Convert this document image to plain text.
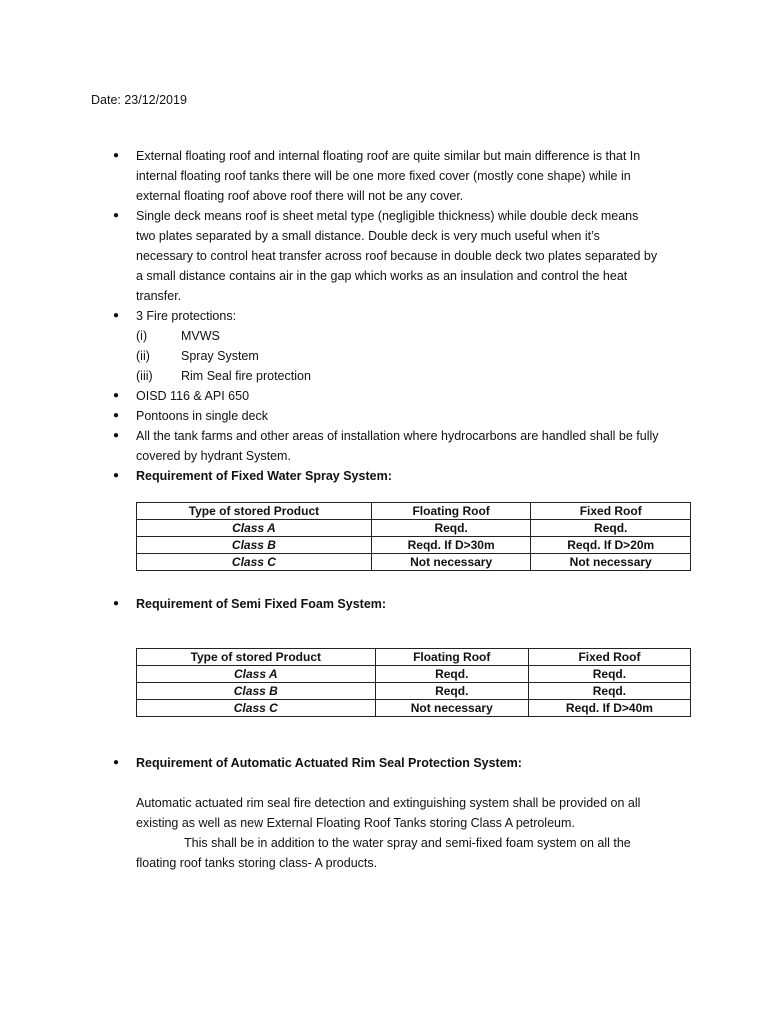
Date: 23/12/2019
● External floating roof and internal floating roof are quite similar but main difference is that In internal floating roof tanks there will be one more fixed cover (mostly cone shape) while in external floating roof above roof there will not be any cover.
● Single deck means roof is sheet metal type (negligible thickness) while double deck means two plates separated by a small distance. Double deck is very much useful when it’s necessary to control heat transfer across roof because in double deck two plates separated by a small distance contains air in the gap which works as an insulation and control the heat transfer.
● 3 Fire protections:
(i)	MVWS
(ii) Spray System
(iii) Rim Seal fire protection
● OISD 116 & API 650
● Pontoons in single deck
● All the tank farms and other areas of installation where hydrocarbons are handled shall be fully covered by hydrant System.
● Requirement of Fixed Water Spray System:
Type of stored Product	Floating Roof	Fixed Roof
Class A	Reqd.	Reqd.
Class B	Reqd. If D>30m	Reqd. If D>20m
Class C	Not necessary	Not necessary
● Requirement of Semi Fixed Foam System:
Type of stored Product	Floating Roof	Fixed Roof
Class A	Reqd.	Reqd.
Class B	Reqd.	Reqd.
Class C	Not necessary	Reqd. If D>40m
● Requirement of Automatic Actuated Rim Seal Protection System:
Automatic actuated rim seal fire detection and extinguishing system shall be provided on all
existing as well as new External Floating Roof Tanks storing Class A petroleum.
This shall be in addition to the water spray and semi-fixed foam system on all the
floating roof tanks storing class- A products.
